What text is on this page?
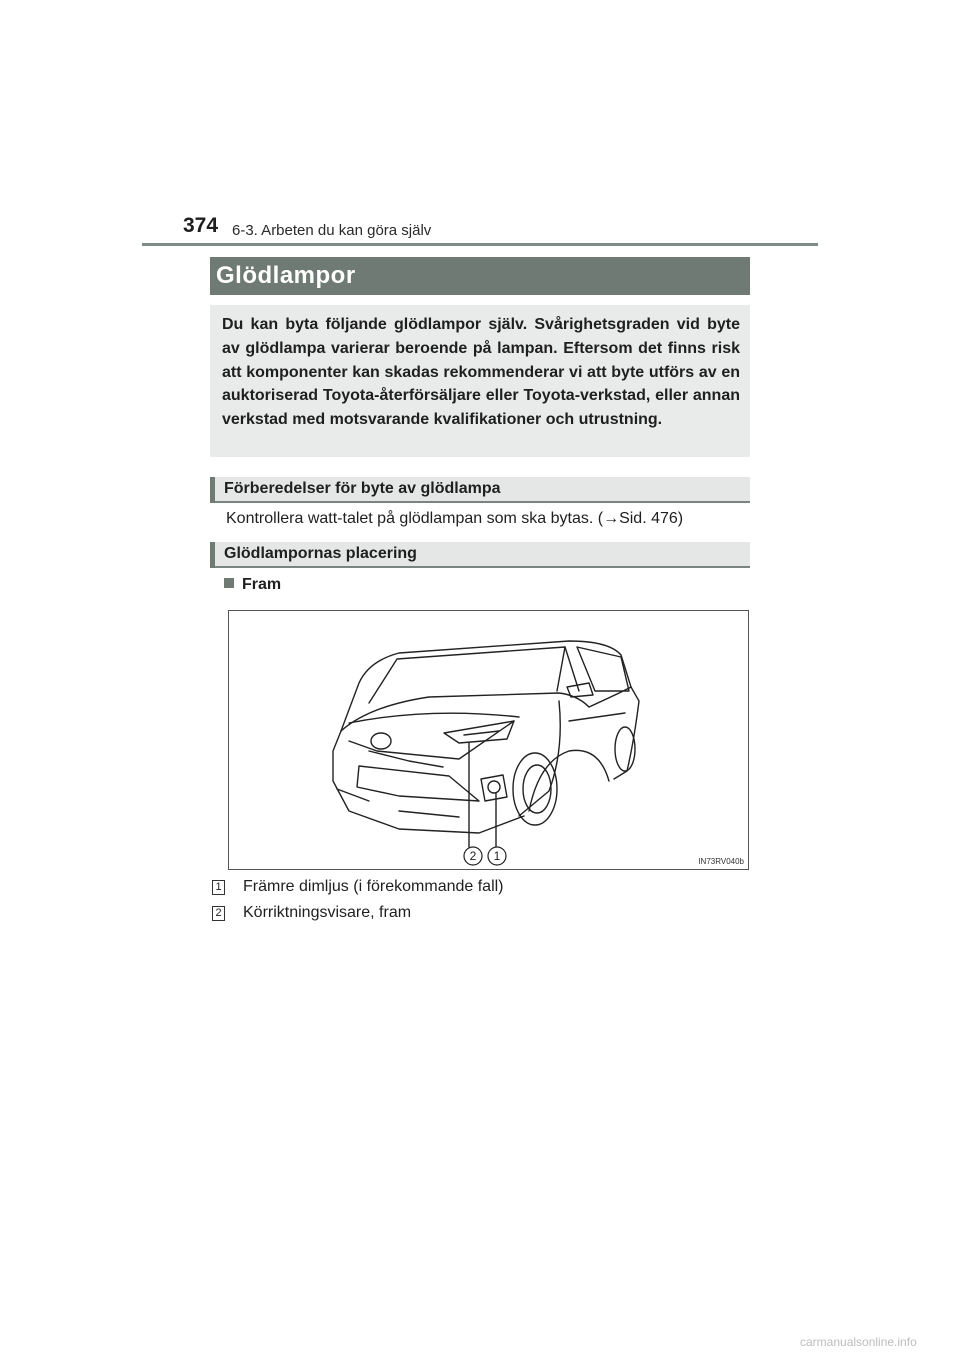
374 6-3. Arbeten du kan göra själv
Glödlampor
Du kan byta följande glödlampor själv. Svårighetsgraden vid byte av glödlampa varierar beroende på lampan. Eftersom det finns risk att komponenter kan skadas rekommenderar vi att byte utförs av en auktoriserad Toyota-återförsäljare eller Toyota-verkstad, eller annan verkstad med motsvarande kvalifikationer och utrustning.
Förberedelser för byte av glödlampa
Kontrollera watt-talet på glödlampan som ska bytas. (→Sid. 476)
Glödlampornas placering
Fram
2 1	IN73RV040b
1 Främre dimljus (i förekommande fall)
2 Körriktningsvisare, fram
carmanualsonline.info
